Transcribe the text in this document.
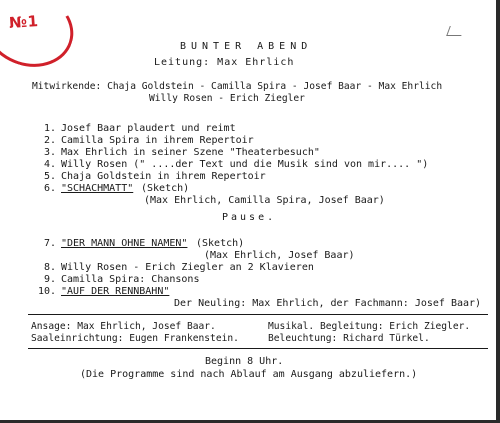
№1
BUNTER ABEND
Leitung: Max Ehrlich
Mitwirkende: Chaja Goldstein - Camilla Spira - Josef Baar - Max Ehrlich
Willy Rosen - Erich Ziegler
1. Josef Baar plaudert und reimt
2. Camilla Spira in ihrem Repertoir
3. Max Ehrlich in seiner Szene "Theaterbesuch"
4. Willy Rosen (" ....der Text und die Musik sind von mir.... ")
5. Chaja Goldstein in ihrem Repertoir
6. "SCHACHMATT" (Sketch)
(Max Ehrlich, Camilla Spira, Josef Baar)
Pause.
7. "DER MANN OHNE NAMEN" (Sketch)
(Max Ehrlich, Josef Baar)
8. Willy Rosen - Erich Ziegler an 2 Klavieren
9. Camilla Spira: Chansons
10. "AUF DER RENNBAHN"
Der Neuling: Max Ehrlich, der Fachmann: Josef Baar)
Ansage: Max Ehrlich, Josef Baar.
Saaleinrichtung: Eugen Frankenstein.
Musikal. Begleitung: Erich Ziegler.
Beleuchtung: Richard Türkel.
Beginn 8 Uhr.
(Die Programme sind nach Ablauf am Ausgang abzuliefern.)
